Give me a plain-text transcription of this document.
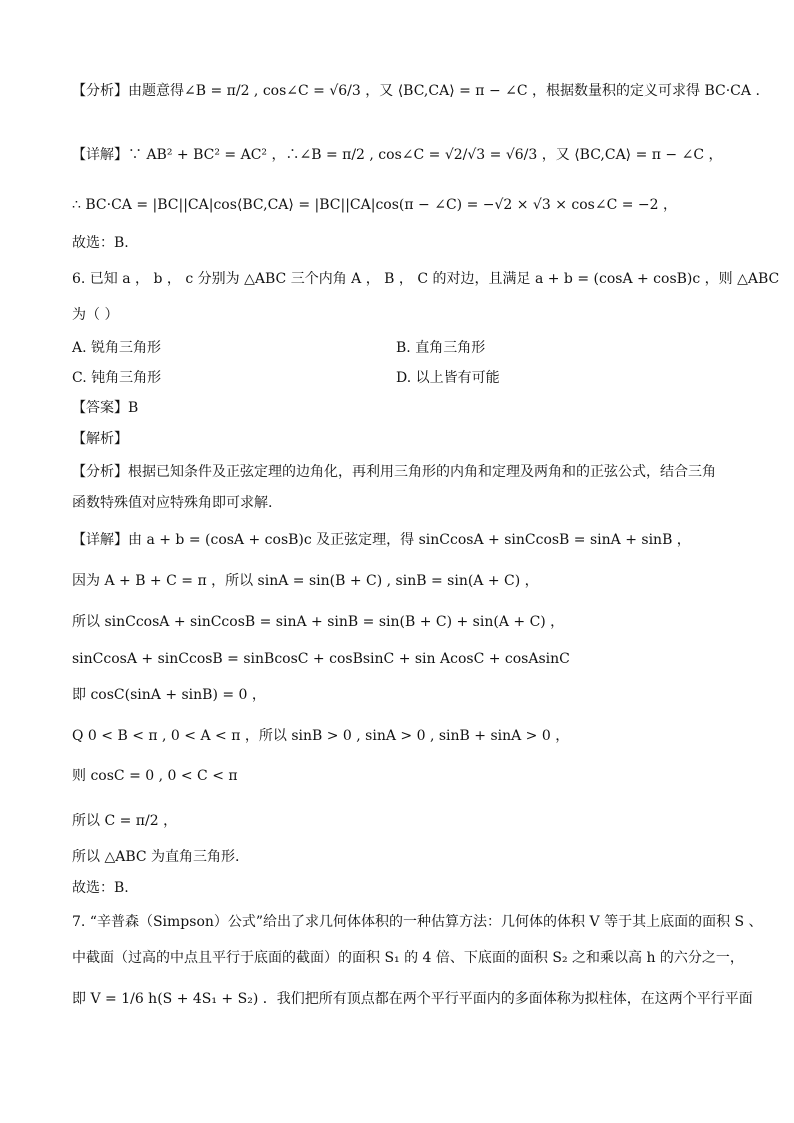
【分析】由题意得∠B = π/2 , cos∠C = √6/3 ，又 ⟨BC,CA⟩ = π − ∠C ，根据数量积的定义可求得 BC·CA .
【详解】∵ AB² + BC² = AC² ，∴∠B = π/2 , cos∠C = √2/√3 = √6/3 ，又 ⟨BC,CA⟩ = π − ∠C ，
∴ BC·CA = |BC||CA|cos⟨BC,CA⟩ = |BC||CA|cos(π − ∠C) = −√2 × √3 × cos∠C = −2 ，
故选：B.
6. 已知 a ， b ， c 分别为 △ABC 三个内角 A ， B ， C 的对边，且满足 a + b = (cosA + cosB)c ，则 △ABC
为（ ）
A. 锐角三角形	B. 直角三角形
C. 钝角三角形	D. 以上皆有可能
【答案】B
【解析】
【分析】根据已知条件及正弦定理的边角化，再利用三角形的内角和定理及两角和的正弦公式，结合三角
函数特殊值对应特殊角即可求解.
【详解】由 a + b = (cosA + cosB)c 及正弦定理，得 sinCcosA + sinCcosB = sinA + sinB ，
因为 A + B + C = π ，所以 sinA = sin(B + C) , sinB = sin(A + C) ，
所以 sinCcosA + sinCcosB = sinA + sinB = sin(B + C) + sin(A + C) ，
sinCcosA + sinCcosB = sinBcosC + cosBsinC + sin AcosC + cosAsinC
即 cosC(sinA + sinB) = 0 ，
Q 0 < B < π , 0 < A < π ，所以 sinB > 0 , sinA > 0 , sinB + sinA > 0 ，
则 cosC = 0 , 0 < C < π
所以 C = π/2 ，
所以 △ABC 为直角三角形.
故选：B.
7. “辛普森（Simpson）公式”给出了求几何体体积的一种估算方法：几何体的体积 V 等于其上底面的面积 S 、
中截面（过高的中点且平行于底面的截面）的面积 S₁ 的 4 倍、下底面的面积 S₂ 之和乘以高 h 的六分之一，
即 V = 1/6 h(S + 4S₁ + S₂) ．我们把所有顶点都在两个平行平面内的多面体称为拟柱体，在这两个平行平面
